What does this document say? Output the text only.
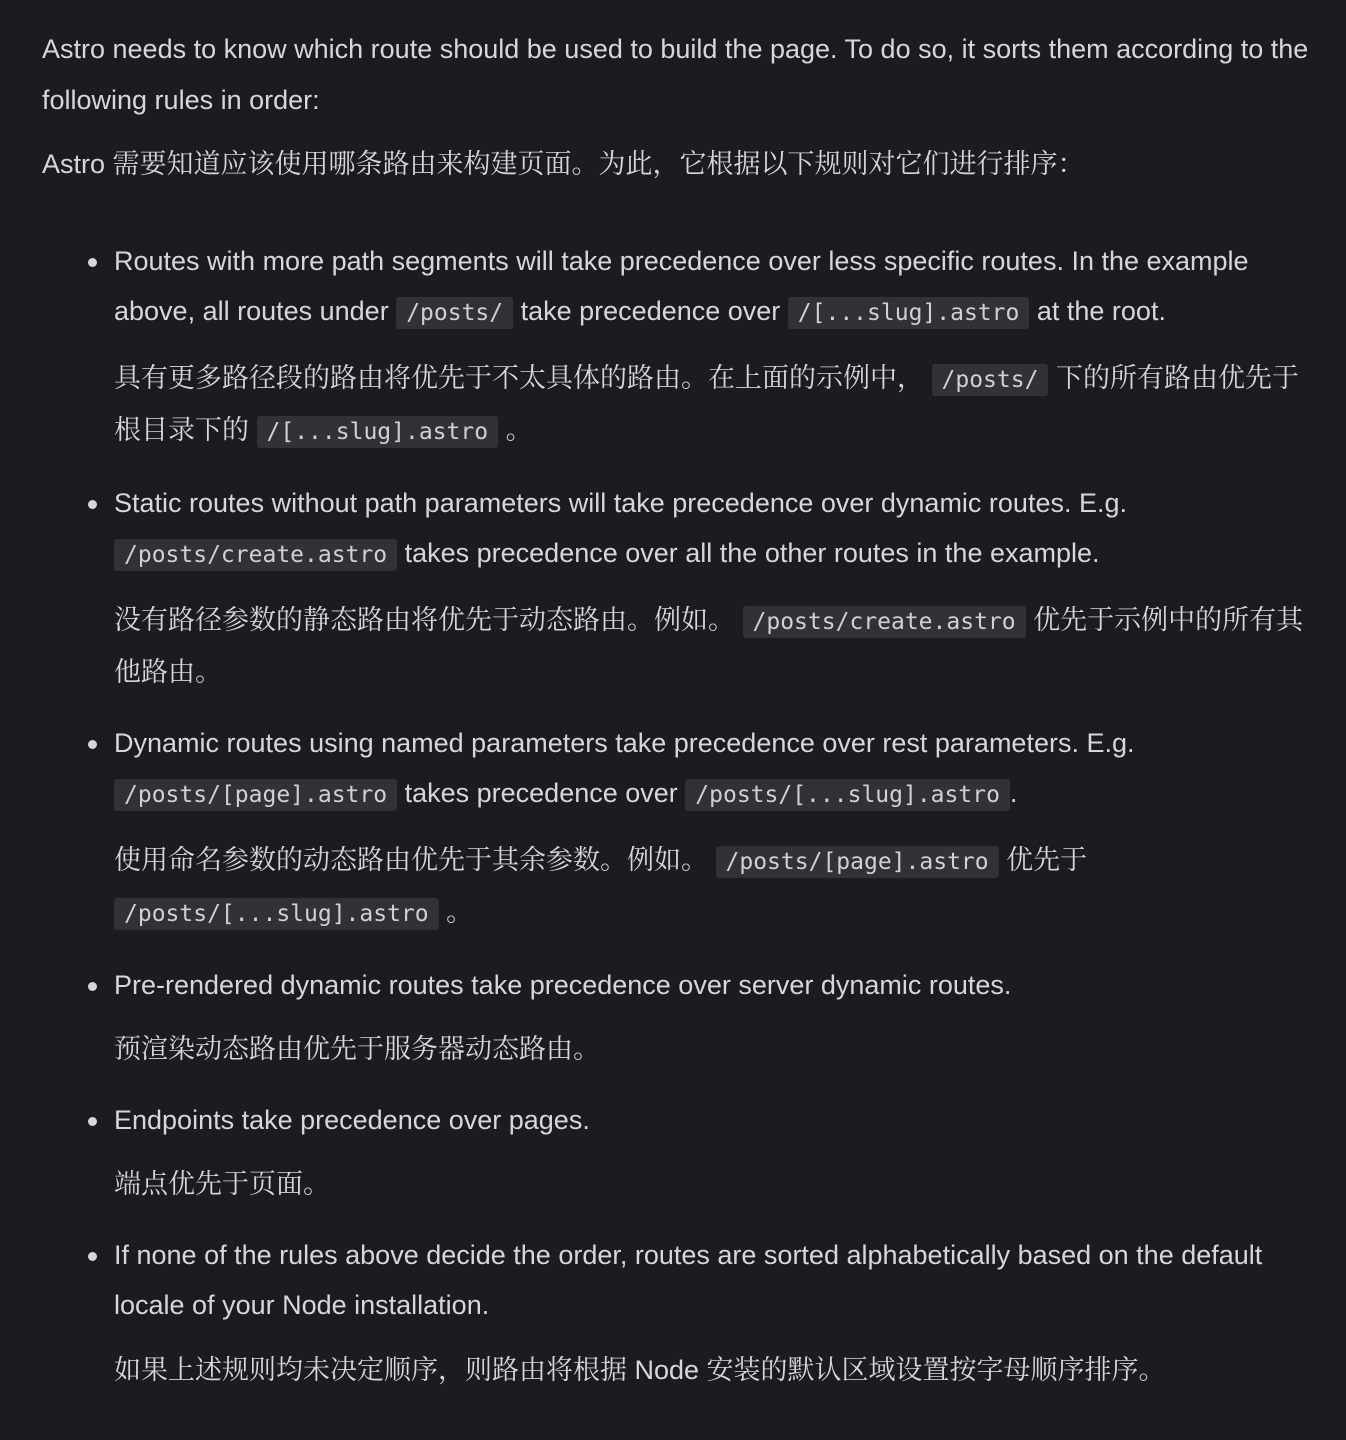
Astro needs to know which route should be used to build the page. To do so, it sorts them according to the following rules in order:

Astro 需要知道应该使用哪条路由来构建页面。为此，它根据以下规则对它们进行排序：

Routes with more path segments will take precedence over less specific routes. In the example above, all routes under /posts/ take precedence over /[...slug].astro at the root.

具有更多路径段的路由将优先于不太具体的路由。在上面的示例中， /posts/ 下的所有路由优先于根目录下的 /[...slug].astro 。

Static routes without path parameters will take precedence over dynamic routes. E.g. /posts/create.astro takes precedence over all the other routes in the example.

没有路径参数的静态路由将优先于动态路由。例如。 /posts/create.astro 优先于示例中的所有其他路由。

Dynamic routes using named parameters take precedence over rest parameters. E.g. /posts/[page].astro takes precedence over /posts/[...slug].astro .

使用命名参数的动态路由优先于其余参数。例如。 /posts/[page].astro 优先于 /posts/[...slug].astro 。

Pre-rendered dynamic routes take precedence over server dynamic routes.

预渲染动态路由优先于服务器动态路由。

Endpoints take precedence over pages.

端点优先于页面。

If none of the rules above decide the order, routes are sorted alphabetically based on the default locale of your Node installation.

如果上述规则均未决定顺序，则路由将根据 Node 安装的默认区域设置按字母顺序排序。
